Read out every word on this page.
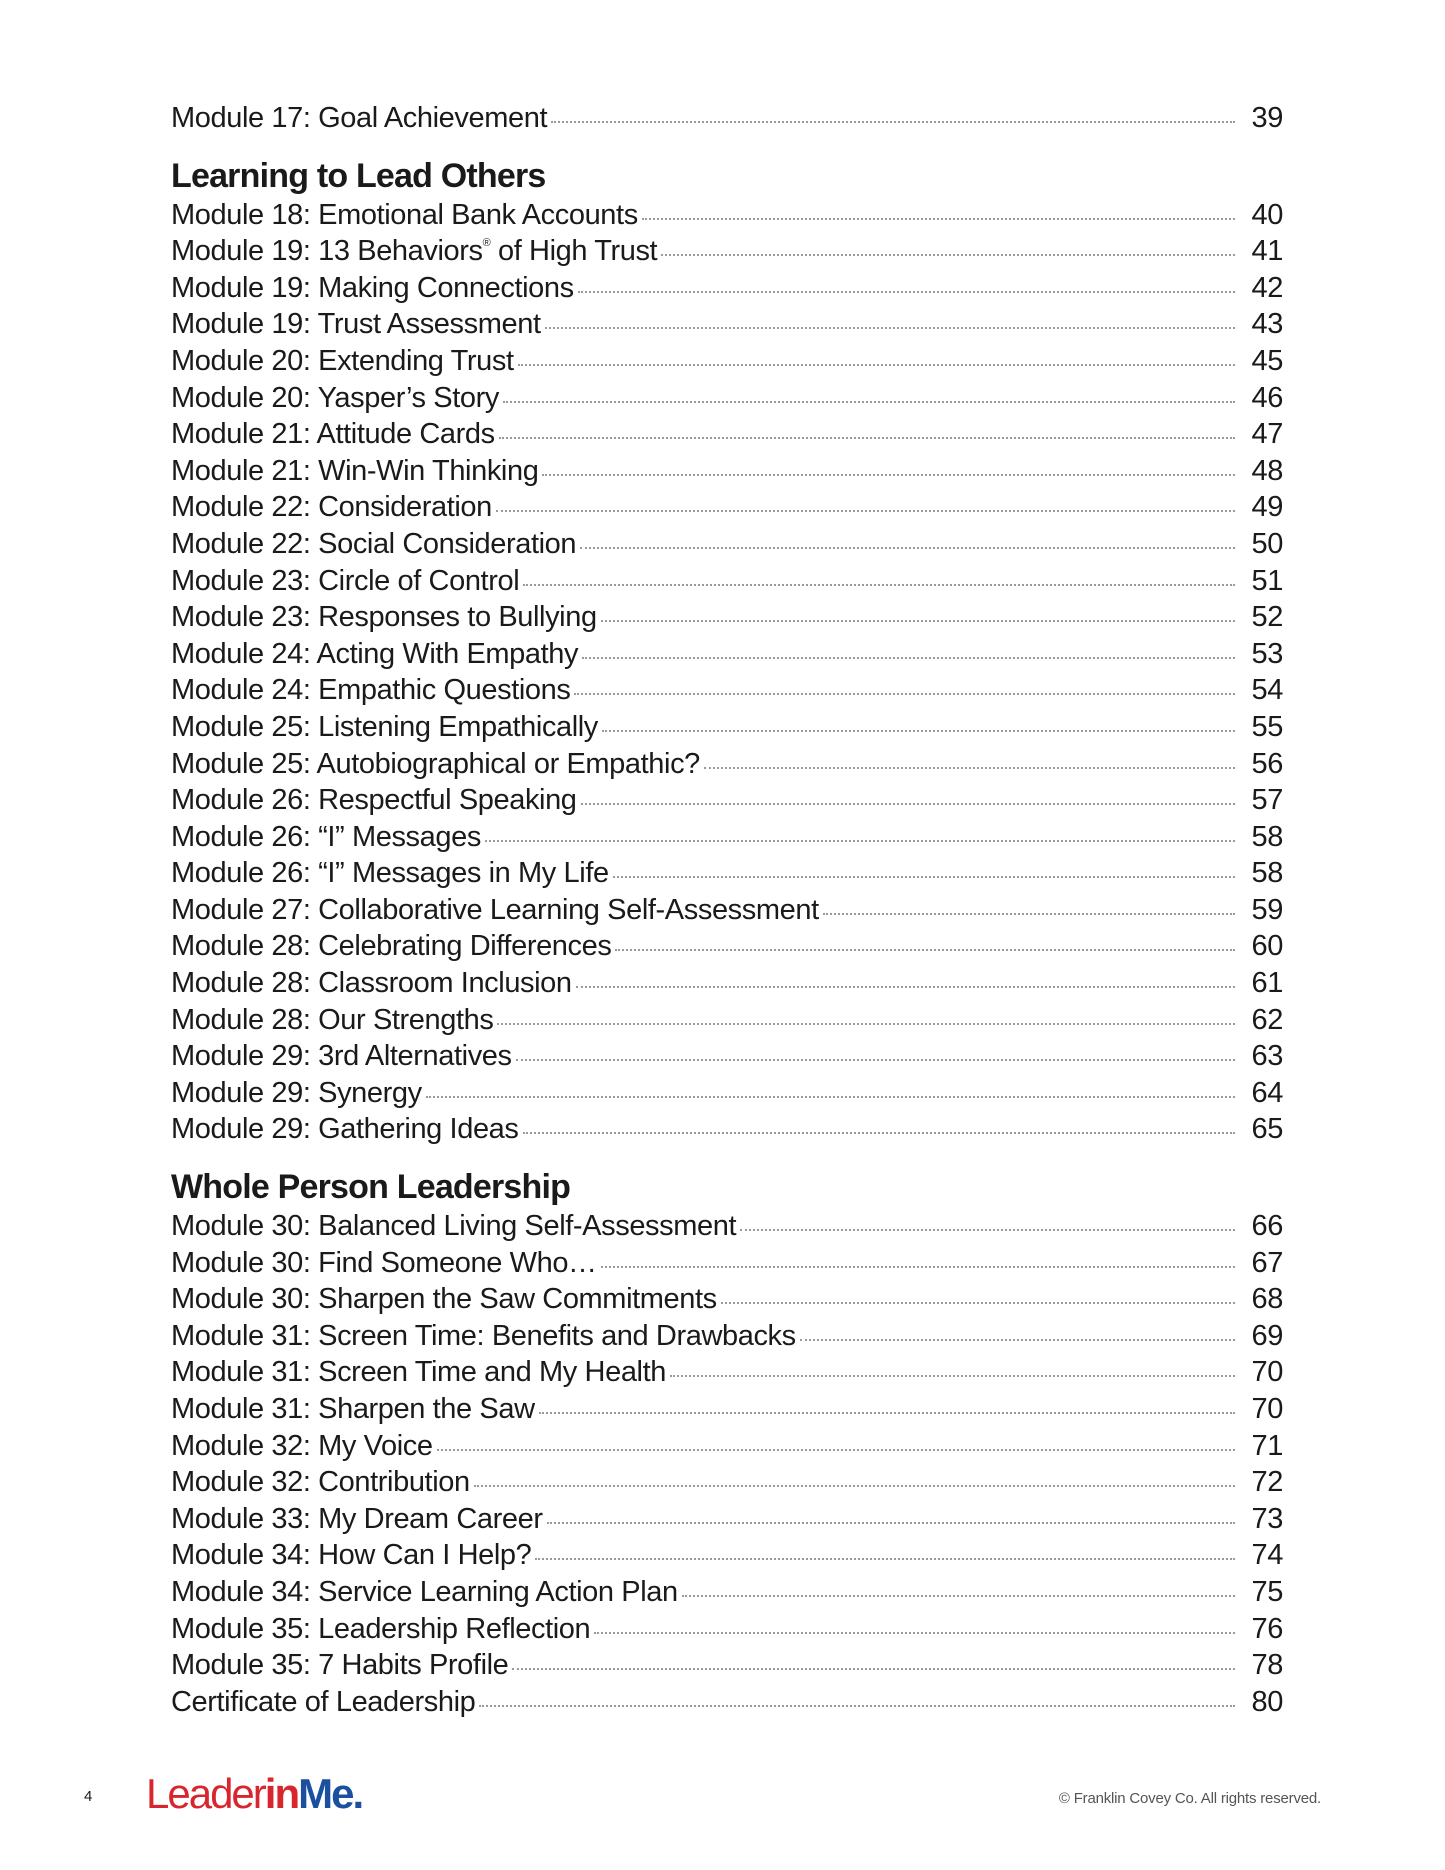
Module 17: Goal Achievement	39
Learning to Lead Others
Module 18: Emotional Bank Accounts	40
Module 19: 13 Behaviors® of High Trust	41
Module 19: Making Connections	42
Module 19: Trust Assessment	43
Module 20: Extending Trust	45
Module 20: Yasper’s Story	46
Module 21: Attitude Cards	47
Module 21: Win-Win Thinking	48
Module 22: Consideration	49
Module 22: Social Consideration	50
Module 23: Circle of Control	51
Module 23: Responses to Bullying	52
Module 24: Acting With Empathy	53
Module 24: Empathic Questions	54
Module 25: Listening Empathically	55
Module 25: Autobiographical or Empathic?	56
Module 26: Respectful Speaking	57
Module 26: “I” Messages	58
Module 26: “I” Messages in My Life	58
Module 27: Collaborative Learning Self-Assessment	59
Module 28: Celebrating Differences	60
Module 28: Classroom Inclusion	61
Module 28: Our Strengths	62
Module 29: 3rd Alternatives	63
Module 29: Synergy	64
Module 29: Gathering Ideas	65
Whole Person Leadership
Module 30: Balanced Living Self-Assessment	66
Module 30: Find Someone Who…	67
Module 30: Sharpen the Saw Commitments	68
Module 31: Screen Time: Benefits and Drawbacks	69
Module 31: Screen Time and My Health	70
Module 31: Sharpen the Saw	70
Module 32: My Voice	71
Module 32: Contribution	72
Module 33: My Dream Career	73
Module 34: How Can I Help?	74
Module 34: Service Learning Action Plan	75
Module 35: Leadership Reflection	76
Module 35: 7 Habits Profile	78
Certificate of Leadership	80
4 LeaderinMe.	© Franklin Covey Co. All rights reserved.
